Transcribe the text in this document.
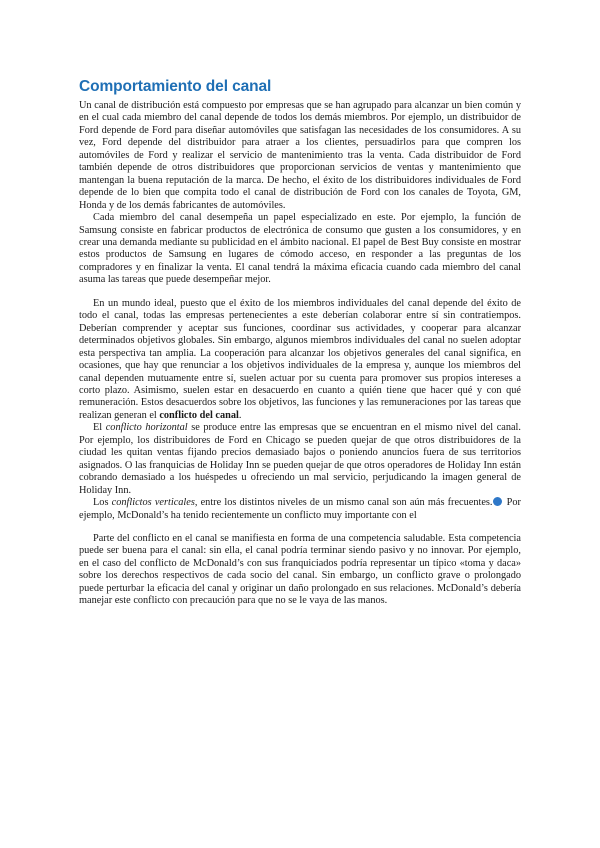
Comportamiento del canal

Un canal de distribución está compuesto por empresas que se han agrupado para alcanzar un bien común y en el cual cada miembro del canal depende de todos los demás miembros. Por ejemplo, un distribuidor de Ford depende de Ford para diseñar automóviles que satisfagan las necesidades de los consumidores. A su vez, Ford depende del distribuidor para atraer a los clientes, persuadirlos para que compren los automóviles de Ford y realizar el servicio de mantenimiento tras la venta. Cada distribuidor de Ford también depende de otros distribuidores que proporcionan servicios de ventas y mantenimiento que mantengan la buena reputación de la marca. De hecho, el éxito de los distribuidores individuales de Ford depende de lo bien que compita todo el canal de distribución de Ford con los canales de Toyota, GM, Honda y de los demás fabricantes de automóviles.

Cada miembro del canal desempeña un papel especializado en este. Por ejemplo, la función de Samsung consiste en fabricar productos de electrónica de consumo que gusten a los consumidores, y en crear una demanda mediante su publicidad en el ámbito nacional. El papel de Best Buy consiste en mostrar estos productos de Samsung en lugares de cómodo acceso, en responder a las preguntas de los compradores y en finalizar la venta. El canal tendrá la máxima eficacia cuando cada miembro del canal asuma las tareas que puede desempeñar mejor.

En un mundo ideal, puesto que el éxito de los miembros individuales del canal depende del éxito de todo el canal, todas las empresas pertenecientes a este deberían colaborar entre sí sin contratiempos. Deberían comprender y aceptar sus funciones, coordinar sus actividades, y cooperar para alcanzar determinados objetivos globales. Sin embargo, algunos miembros individuales del canal no suelen adoptar esta perspectiva tan amplia. La cooperación para alcanzar los objetivos generales del canal significa, en ocasiones, que hay que renunciar a los objetivos individuales de la empresa y, aunque los miembros del canal dependen mutuamente entre sí, suelen actuar por su cuenta para promover sus propios intereses a corto plazo. Asimismo, suelen estar en desacuerdo en cuanto a quién tiene que hacer qué y con qué remuneración. Estos desacuerdos sobre los objetivos, las funciones y las remuneraciones por las tareas que realizan generan el conflicto del canal.

El conflicto horizontal se produce entre las empresas que se encuentran en el mismo nivel del canal. Por ejemplo, los distribuidores de Ford en Chicago se pueden quejar de que otros distribuidores de la ciudad les quitan ventas fijando precios demasiado bajos o poniendo anuncios fuera de sus territorios asignados. O las franquicias de Holiday Inn se pueden quejar de que otros operadores de Holiday Inn están cobrando demasiado a los huéspedes u ofreciendo un mal servicio, perjudicando la imagen general de Holiday Inn.

Los conflictos verticales, entre los distintos niveles de un mismo canal son aún más frecuentes. Por ejemplo, McDonald’s ha tenido recientemente un conflicto muy importante con el

Parte del conflicto en el canal se manifiesta en forma de una competencia saludable. Esta competencia puede ser buena para el canal: sin ella, el canal podría terminar siendo pasivo y no innovar. Por ejemplo, en el caso del conflicto de McDonald’s con sus franquiciados podría representar un típico «toma y daca» sobre los derechos respectivos de cada socio del canal. Sin embargo, un conflicto grave o prolongado puede perturbar la eficacia del canal y originar un daño prolongado en sus relaciones. McDonald’s debería manejar este conflicto con precaución para que no se le vaya de las manos.
